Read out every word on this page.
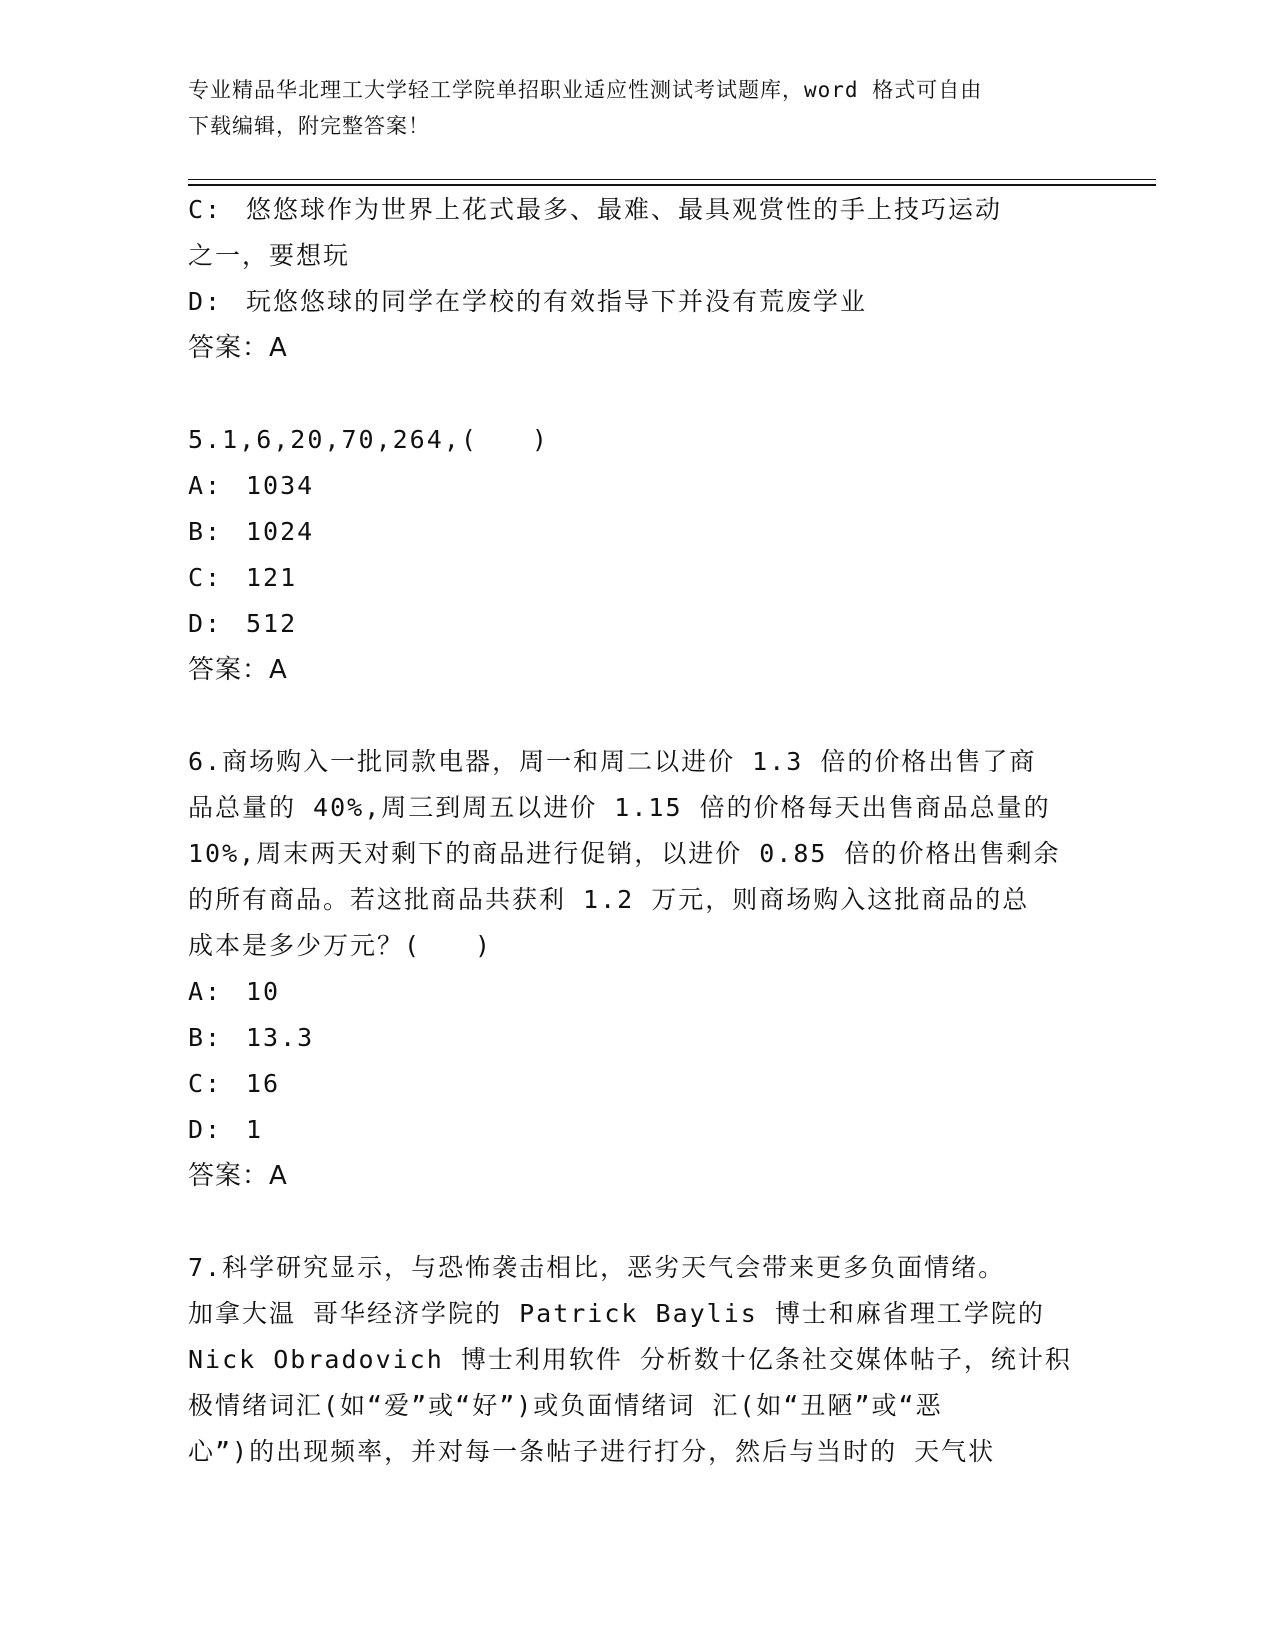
专业精品华北理工大学轻工学院单招职业适应性测试考试题库，word 格式可自由
下载编辑，附完整答案！
C: 悠悠球作为世界上花式最多、最难、最具观赏性的手上技巧运动
之一，要想玩
D: 玩悠悠球的同学在学校的有效指导下并没有荒废学业
答案：A
5.1,6,20,70,264,(　　)
A: 1034
B: 1024
C: 121
D: 512
答案：A
6.商场购入一批同款电器，周一和周二以进价 1.3 倍的价格出售了商
品总量的 40%,周三到周五以进价 1.15 倍的价格每天出售商品总量的
10%,周末两天对剩下的商品进行促销，以进价 0.85 倍的价格出售剩余
的所有商品。若这批商品共获利 1.2 万元，则商场购入这批商品的总
成本是多少万元？(　　)
A: 10
B: 13.3
C: 16
D: 1
答案：A
7.科学研究显示，与恐怖袭击相比，恶劣天气会带来更多负面情绪。
加拿大温 哥华经济学院的 Patrick Baylis 博士和麻省理工学院的
Nick Obradovich 博士利用软件 分析数十亿条社交媒体帖子，统计积
极情绪词汇(如“爱”或“好”)或负面情绪词 汇(如“丑陋”或“恶
心”)的出现频率，并对每一条帖子进行打分，然后与当时的 天气状
